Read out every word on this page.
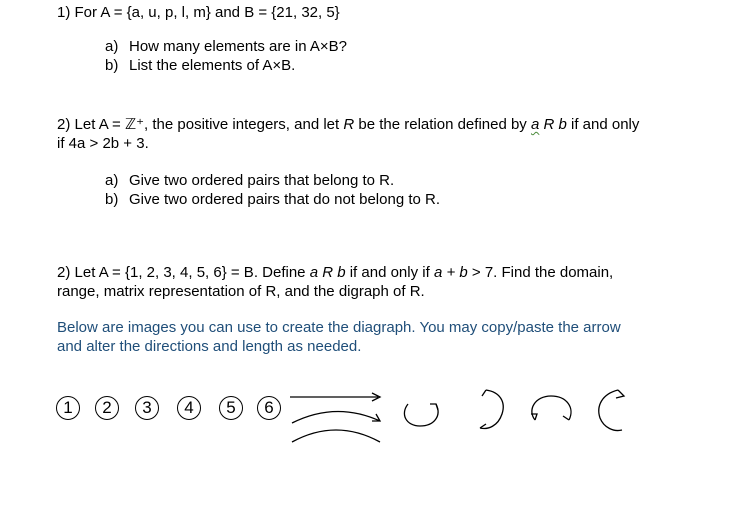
1) For A = {a, u, p, l, m} and B = {21, 32, 5}
a) How many elements are in A×B?
b) List the elements of A×B.
2) Let A = ℤ⁺, the positive integers, and let R be the relation defined by a R b if and only
if 4a > 2b + 3.
a) Give two ordered pairs that belong to R.
b) Give two ordered pairs that do not belong to R.
2) Let A = {1, 2, 3, 4, 5, 6} = B. Define a R b if and only if a + b > 7. Find the domain,
range, matrix representation of R, and the digraph of R.
Below are images you can use to create the diagraph. You may copy/paste the arrow
and alter the directions and length as needed.
1	2	3	4	5	6
